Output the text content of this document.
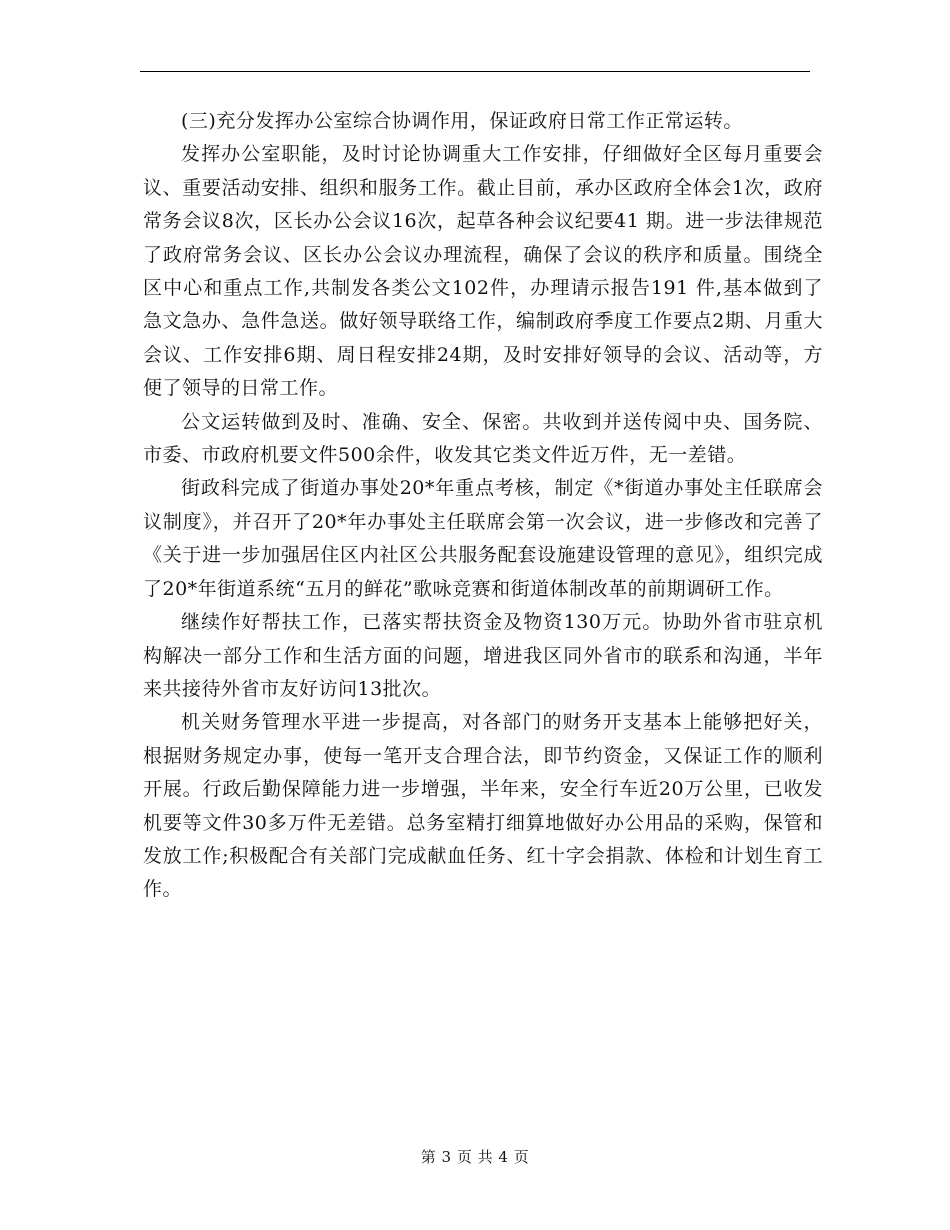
(三)充分发挥办公室综合协调作用，保证政府日常工作正常运转。

发挥办公室职能，及时讨论协调重大工作安排，仔细做好全区每月重要会议、重要活动安排、组织和服务工作。截止目前，承办区政府全体会1次，政府常务会议8次，区长办公会议16次，起草各种会议纪要41 期。进一步法律规范了政府常务会议、区长办公会议办理流程，确保了会议的秩序和质量。围绕全区中心和重点工作,共制发各类公文102件，办理请示报告191 件,基本做到了急文急办、急件急送。做好领导联络工作，编制政府季度工作要点2期、月重大会议、工作安排6期、周日程安排24期，及时安排好领导的会议、活动等，方便了领导的日常工作。

公文运转做到及时、准确、安全、保密。共收到并送传阅中央、国务院、市委、市政府机要文件500余件，收发其它类文件近万件，无一差错。

街政科完成了街道办事处20*年重点考核，制定《*街道办事处主任联席会议制度》，并召开了20*年办事处主任联席会第一次会议，进一步修改和完善了《关于进一步加强居住区内社区公共服务配套设施建设管理的意见》，组织完成了20*年街道系统“五月的鲜花”歌咏竞赛和街道体制改革的前期调研工作。

继续作好帮扶工作，已落实帮扶资金及物资130万元。协助外省市驻京机构解决一部分工作和生活方面的问题，增进我区同外省市的联系和沟通，半年来共接待外省市友好访问13批次。

机关财务管理水平进一步提高，对各部门的财务开支基本上能够把好关，根据财务规定办事，使每一笔开支合理合法，即节约资金，又保证工作的顺利开展。行政后勤保障能力进一步增强，半年来，安全行车近20万公里，已收发机要等文件30多万件无差错。总务室精打细算地做好办公用品的采购，保管和发放工作;积极配合有关部门完成献血任务、红十字会捐款、体检和计划生育工作。

第 3 页 共 4 页
